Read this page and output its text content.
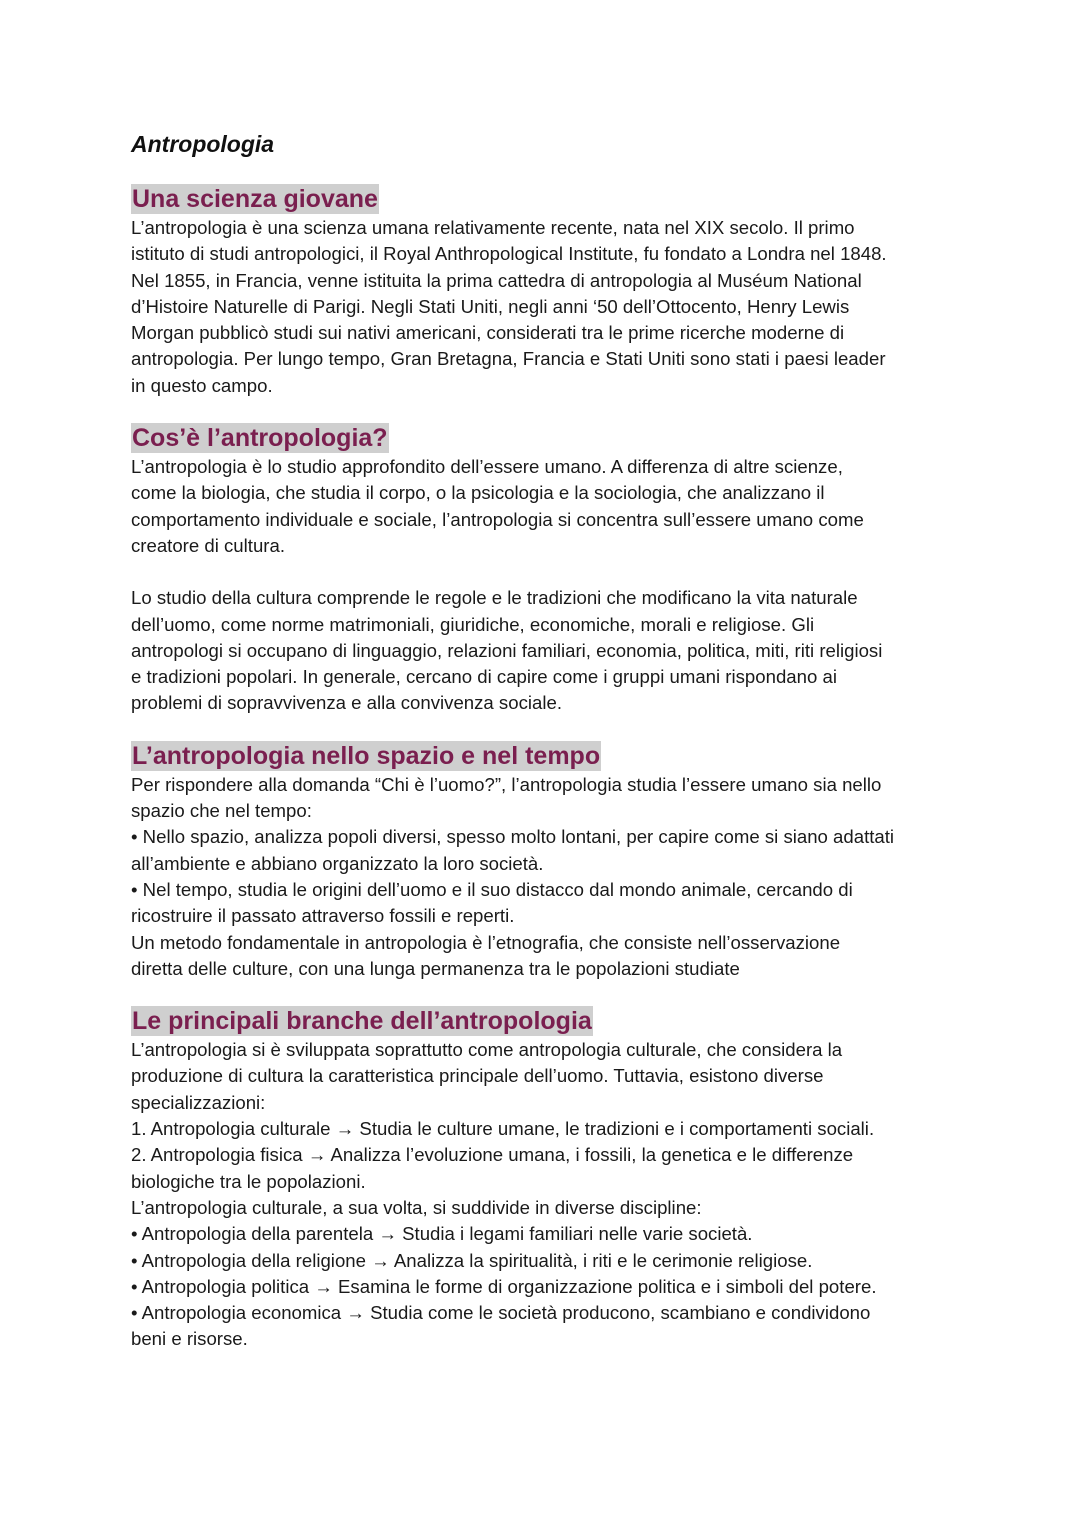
Antropologia
Una scienza giovane

L’antropologia è una scienza umana relativamente recente, nata nel XIX secolo. Il primo
istituto di studi antropologici, il Royal Anthropological Institute, fu fondato a Londra nel 1848.
Nel 1855, in Francia, venne istituita la prima cattedra di antropologia al Muséum National
d’Histoire Naturelle di Parigi. Negli Stati Uniti, negli anni ‘50 dell’Ottocento, Henry Lewis
Morgan pubblicò studi sui nativi americani, considerati tra le prime ricerche moderne di
antropologia. Per lungo tempo, Gran Bretagna, Francia e Stati Uniti sono stati i paesi leader
in questo campo.

Cos’è l’antropologia?

L’antropologia è lo studio approfondito dell’essere umano. A differenza di altre scienze,
come la biologia, che studia il corpo, o la psicologia e la sociologia, che analizzano il
comportamento individuale e sociale, l’antropologia si concentra sull’essere umano come
creatore di cultura.

Lo studio della cultura comprende le regole e le tradizioni che modificano la vita naturale
dell’uomo, come norme matrimoniali, giuridiche, economiche, morali e religiose. Gli
antropologi si occupano di linguaggio, relazioni familiari, economia, politica, miti, riti religiosi
e tradizioni popolari. In generale, cercano di capire come i gruppi umani rispondano ai
problemi di sopravvivenza e alla convivenza sociale.

L’antropologia nello spazio e nel tempo

Per rispondere alla domanda “Chi è l’uomo?”, l’antropologia studia l’essere umano sia nello
spazio che nel tempo:
• Nello spazio, analizza popoli diversi, spesso molto lontani, per capire come si siano adattati
all’ambiente e abbiano organizzato la loro società.
• Nel tempo, studia le origini dell’uomo e il suo distacco dal mondo animale, cercando di
ricostruire il passato attraverso fossili e reperti.
Un metodo fondamentale in antropologia è l’etnografia, che consiste nell’osservazione
diretta delle culture, con una lunga permanenza tra le popolazioni studiate

Le principali branche dell’antropologia

L’antropologia si è sviluppata soprattutto come antropologia culturale, che considera la
produzione di cultura la caratteristica principale dell’uomo. Tuttavia, esistono diverse
specializzazioni:
1. Antropologia culturale → Studia le culture umane, le tradizioni e i comportamenti sociali.
2. Antropologia fisica → Analizza l’evoluzione umana, i fossili, la genetica e le differenze
biologiche tra le popolazioni.
L’antropologia culturale, a sua volta, si suddivide in diverse discipline:
• Antropologia della parentela → Studia i legami familiari nelle varie società.
• Antropologia della religione → Analizza la spiritualità, i riti e le cerimonie religiose.
• Antropologia politica → Esamina le forme di organizzazione politica e i simboli del potere.
• Antropologia economica → Studia come le società producono, scambiano e condividono
beni e risorse.
